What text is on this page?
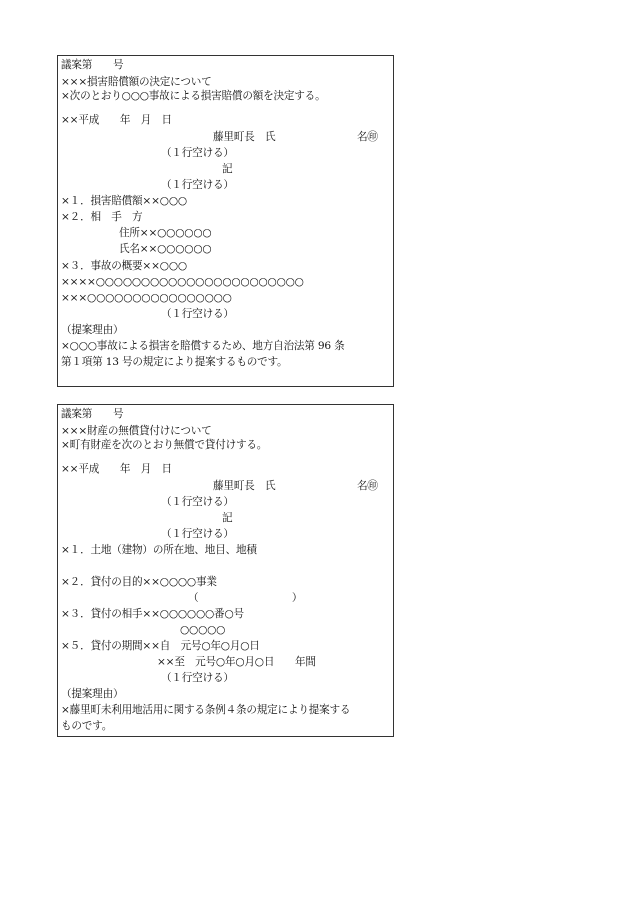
議案第　　号
×××損害賠償額の決定について
×次のとおり○○○事故による損害賠償の額を決定する。
××平成　　年　月　日
藤里町長　氏	名㊞
（１行空ける）
記
（１行空ける）
×１．損害賠償額××○○○
×２．相　手　方
住所××○○○○○○
氏名××○○○○○○
×３．事故の概要××○○○
××××○○○○○○○○○○○○○○○○○○○○○○○
×××○○○○○○○○○○○○○○○○
（１行空ける）
（提案理由）
×○○○事故による損害を賠償するため、地方自治法第 96 条
第１項第 13 号の規定により提案するものです。
議案第　　号
×××財産の無償貸付けについて
×町有財産を次のとおり無償で貸付けする。
××平成　　年　月　日
藤里町長　氏	名㊞
（１行空ける）
記
（１行空ける）
×１．土地（建物）の所在地、地目、地積
×２．貸付の目的××○○○○事業
（　　　　　　　　　）
×３．貸付の相手××○○○○○○番○号
○○○○○
×５．貸付の期間××自　元号○年○月○日
××至　元号○年○月○日　　年間
（１行空ける）
（提案理由）
×藤里町未利用地活用に関する条例４条の規定により提案する
ものです。
